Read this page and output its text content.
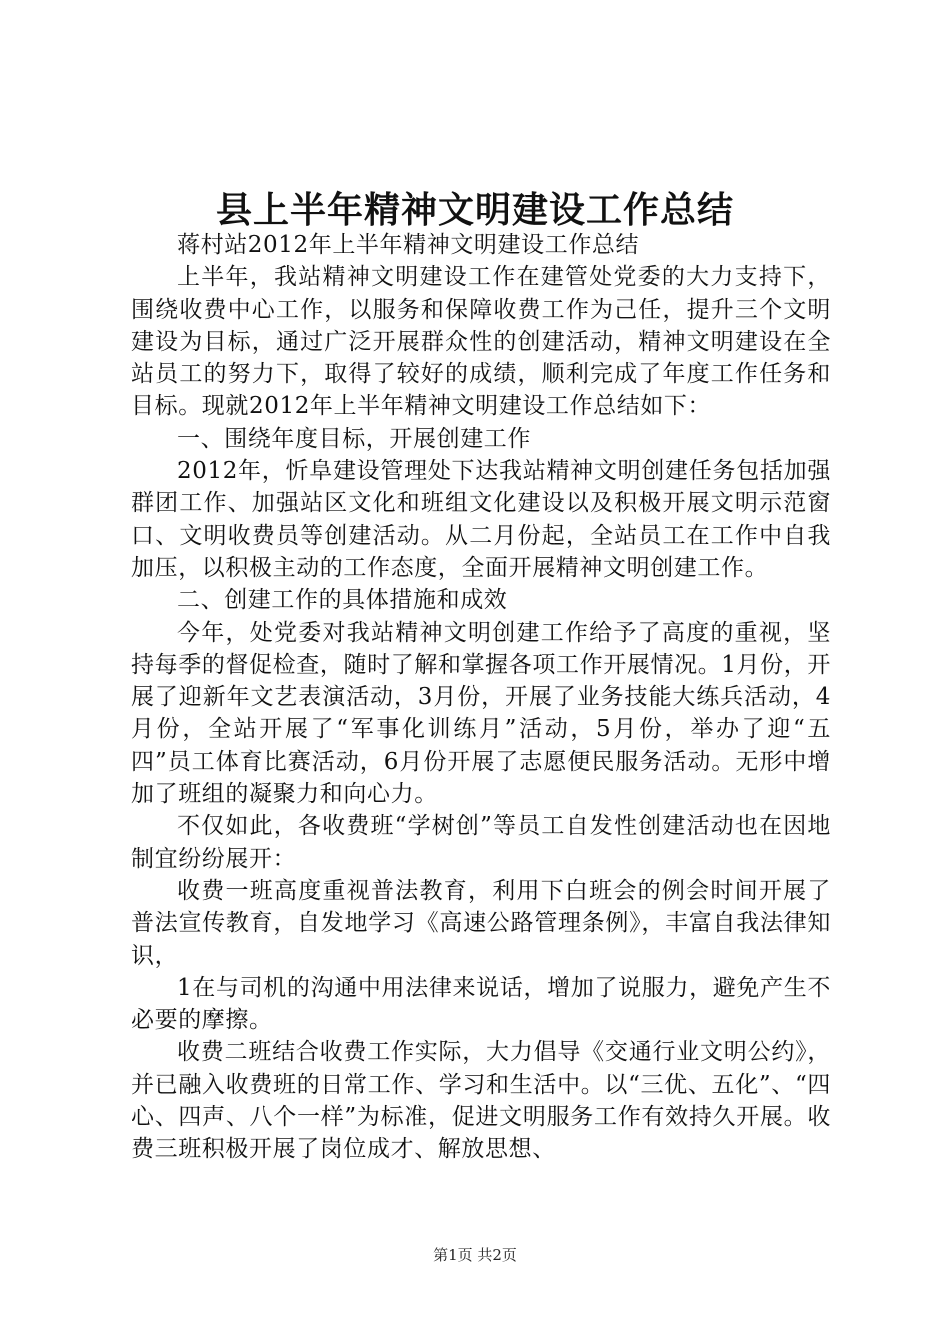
县上半年精神文明建设工作总结

蒋村站2012年上半年精神文明建设工作总结

上半年，我站精神文明建设工作在建管处党委的大力支持下，围绕收费中心工作，以服务和保障收费工作为己任，提升三个文明建设为目标，通过广泛开展群众性的创建活动，精神文明建设在全站员工的努力下，取得了较好的成绩，顺利完成了年度工作任务和目标。现就2012年上半年精神文明建设工作总结如下：

一、围绕年度目标，开展创建工作

2012年，忻阜建设管理处下达我站精神文明创建任务包括加强群团工作、加强站区文化和班组文化建设以及积极开展文明示范窗口、文明收费员等创建活动。从二月份起，全站员工在工作中自我加压，以积极主动的工作态度，全面开展精神文明创建工作。

二、创建工作的具体措施和成效

今年，处党委对我站精神文明创建工作给予了高度的重视，坚持每季的督促检查，随时了解和掌握各项工作开展情况。1月份，开展了迎新年文艺表演活动，3月份，开展了业务技能大练兵活动，4月份，全站开展了“军事化训练月”活动，5月份，举办了迎“五四”员工体育比赛活动，6月份开展了志愿便民服务活动。无形中增加了班组的凝聚力和向心力。

不仅如此，各收费班“学树创”等员工自发性创建活动也在因地制宜纷纷展开：

收费一班高度重视普法教育，利用下白班会的例会时间开展了普法宣传教育，自发地学习《高速公路管理条例》，丰富自我法律知识，

1在与司机的沟通中用法律来说话，增加了说服力，避免产生不必要的摩擦。

收费二班结合收费工作实际，大力倡导《交通行业文明公约》，并已融入收费班的日常工作、学习和生活中。以“三优、五化”、“四心、四声、八个一样”为标准，促进文明服务工作有效持久开展。收费三班积极开展了岗位成才、解放思想、

第1页 共2页
